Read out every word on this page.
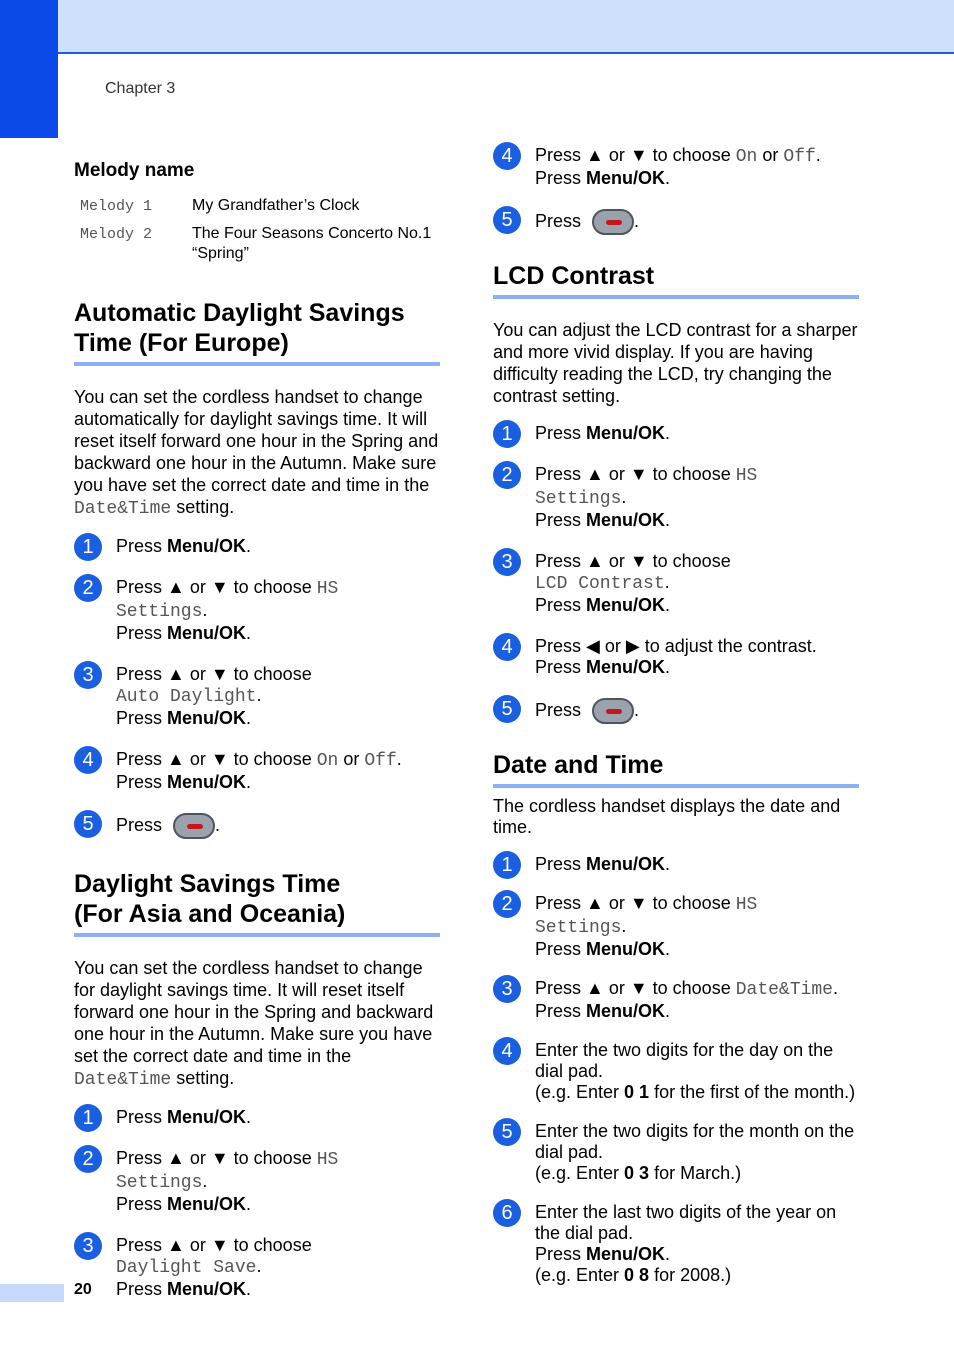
Chapter 3
Melody name
Melody 1	My Grandfather’s Clock
Melody 2	The Four Seasons Concerto No.1 “Spring”
Automatic Daylight Savings
Time (For Europe)
You can set the cordless handset to change automatically for daylight savings time. It will reset itself forward one hour in the Spring and backward one hour in the Autumn. Make sure you have set the correct date and time in the Date&Time setting.
1	Press Menu/OK.
2	Press ▲ or ▼ to choose HS Settings.
Press Menu/OK.
3	Press ▲ or ▼ to choose
Auto Daylight.
Press Menu/OK.
4	Press ▲ or ▼ to choose On or Off.
Press Menu/OK.
5	Press	.
Daylight Savings Time
(For Asia and Oceania)
You can set the cordless handset to change for daylight savings time. It will reset itself forward one hour in the Spring and backward one hour in the Autumn. Make sure you have set the correct date and time in the Date&Time setting.
1	Press Menu/OK.
2	Press ▲ or ▼ to choose HS Settings.
Press Menu/OK.
3	Press ▲ or ▼ to choose
Daylight Save.
Press Menu/OK.
4	Press ▲ or ▼ to choose On or Off.
Press Menu/OK.
5	Press	.
LCD Contrast
You can adjust the LCD contrast for a sharper and more vivid display. If you are having difficulty reading the LCD, try changing the contrast setting.
1	Press Menu/OK.
2	Press ▲ or ▼ to choose HS Settings.
Press Menu/OK.
3	Press ▲ or ▼ to choose
LCD Contrast.
Press Menu/OK.
4	Press ◀ or ▶ to adjust the contrast.
Press Menu/OK.
5	Press	.
Date and Time
The cordless handset displays the date and time.
1	Press Menu/OK.
2	Press ▲ or ▼ to choose HS Settings.
Press Menu/OK.
3	Press ▲ or ▼ to choose Date&Time.
Press Menu/OK.
4	Enter the two digits for the day on the dial pad.
(e.g. Enter 0 1 for the first of the month.)
5	Enter the two digits for the month on the dial pad.
(e.g. Enter 0 3 for March.)
6	Enter the last two digits of the year on the dial pad.
Press Menu/OK.
(e.g. Enter 0 8 for 2008.)
20
